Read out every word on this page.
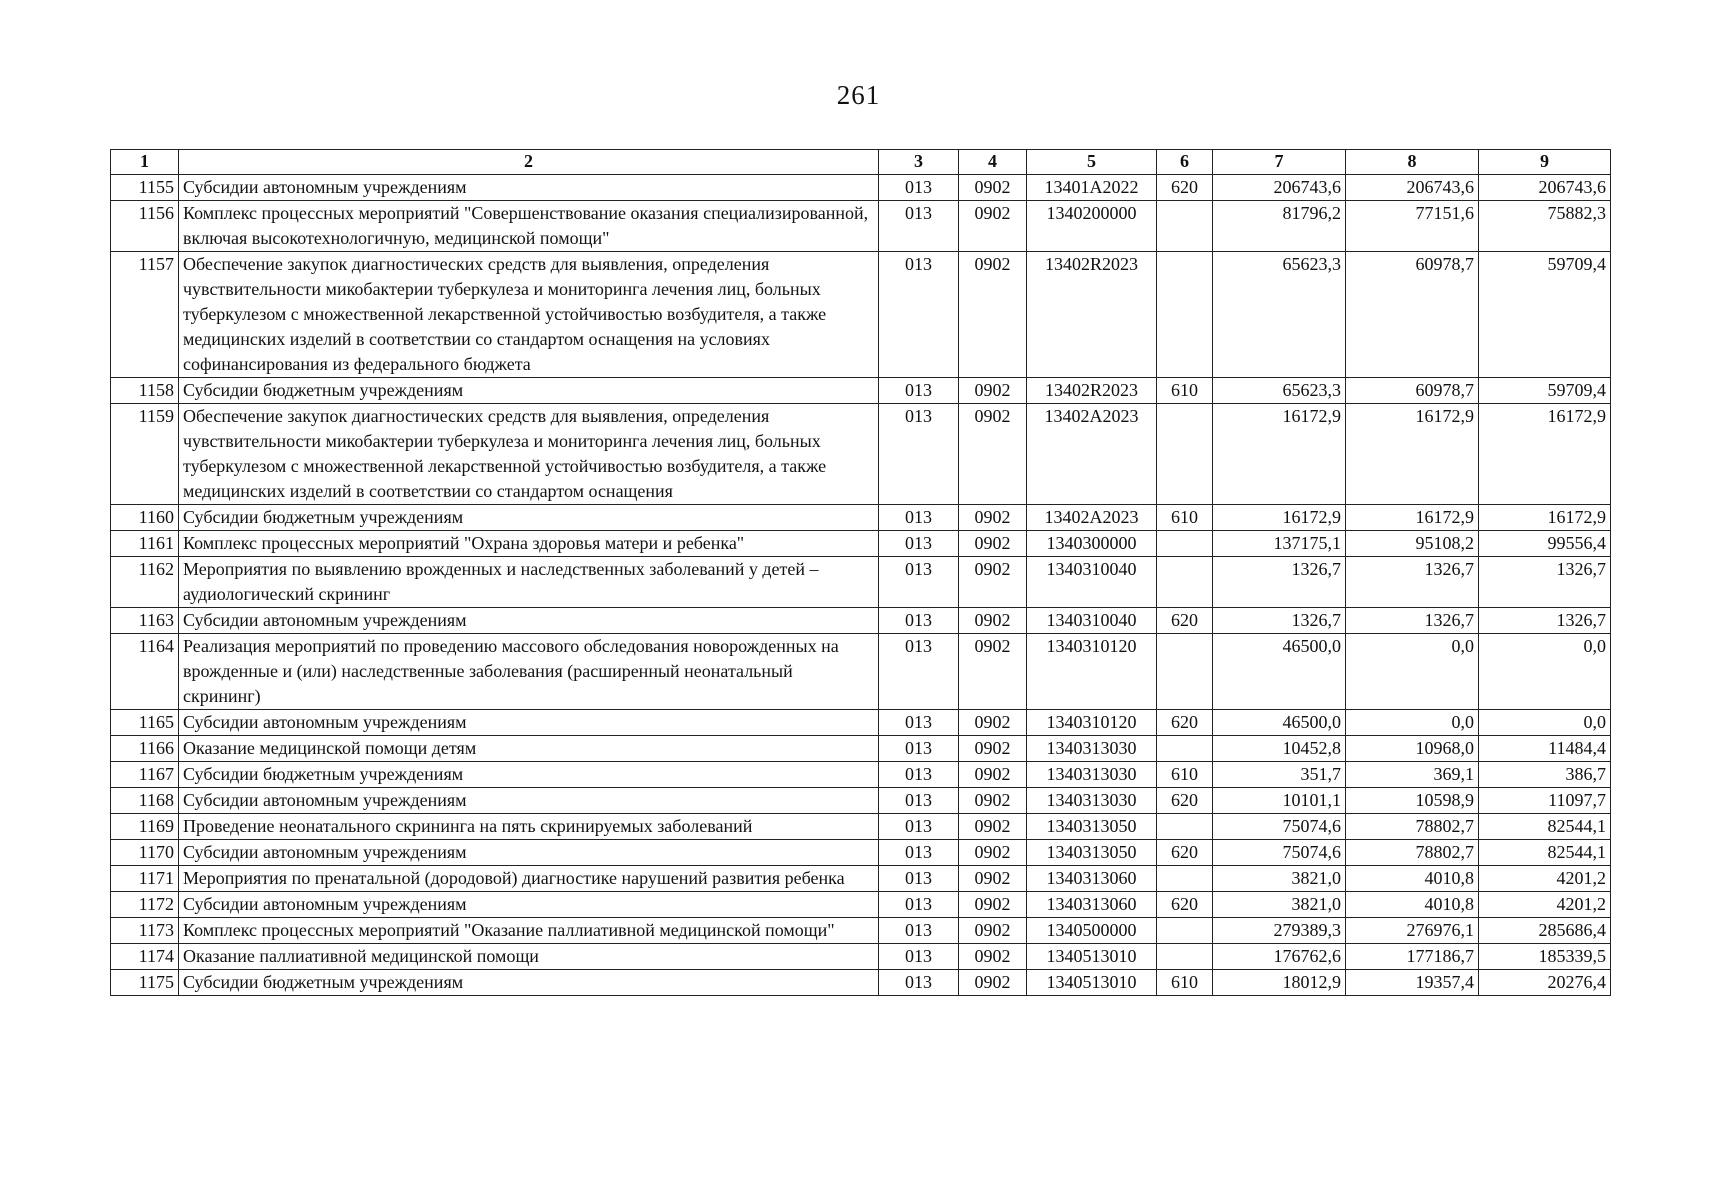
261
1	2	3	4	5	6	7	8	9
1155	Субсидии автономным учреждениям	013	0902	13401A2022	620	206743,6	206743,6	206743,6
1156	Комплекс процессных мероприятий "Совершенствование оказания специализированной, включая высокотехнологичную, медицинской помощи"	013	0902	1340200000		81796,2	77151,6	75882,3
1157	Обеспечение закупок диагностических средств для выявления, определения чувствительности микобактерии туберкулеза и мониторинга лечения лиц, больных туберкулезом с множественной лекарственной устойчивостью возбудителя, а также медицинских изделий в соответствии со стандартом оснащения на условиях софинансирования из федерального бюджета	013	0902	13402R2023		65623,3	60978,7	59709,4
1158	Субсидии бюджетным учреждениям	013	0902	13402R2023	610	65623,3	60978,7	59709,4
1159	Обеспечение закупок диагностических средств для выявления, определения чувствительности микобактерии туберкулеза и мониторинга лечения лиц, больных туберкулезом с множественной лекарственной устойчивостью возбудителя, а также медицинских изделий в соответствии со стандартом оснащения	013	0902	13402A2023		16172,9	16172,9	16172,9
1160	Субсидии бюджетным учреждениям	013	0902	13402A2023	610	16172,9	16172,9	16172,9
1161	Комплекс процессных мероприятий "Охрана здоровья матери и ребенка"	013	0902	1340300000		137175,1	95108,2	99556,4
1162	Мероприятия по выявлению врожденных и наследственных заболеваний у детей – аудиологический скрининг	013	0902	1340310040		1326,7	1326,7	1326,7
1163	Субсидии автономным учреждениям	013	0902	1340310040	620	1326,7	1326,7	1326,7
1164	Реализация мероприятий по проведению массового обследования новорожденных на врожденные и (или) наследственные заболевания (расширенный неонатальный скрининг)	013	0902	1340310120		46500,0	0,0	0,0
1165	Субсидии автономным учреждениям	013	0902	1340310120	620	46500,0	0,0	0,0
1166	Оказание медицинской помощи детям	013	0902	1340313030		10452,8	10968,0	11484,4
1167	Субсидии бюджетным учреждениям	013	0902	1340313030	610	351,7	369,1	386,7
1168	Субсидии автономным учреждениям	013	0902	1340313030	620	10101,1	10598,9	11097,7
1169	Проведение неонатального скрининга на пять скринируемых заболеваний	013	0902	1340313050		75074,6	78802,7	82544,1
1170	Субсидии автономным учреждениям	013	0902	1340313050	620	75074,6	78802,7	82544,1
1171	Мероприятия по пренатальной (дородовой) диагностике нарушений развития ребенка	013	0902	1340313060		3821,0	4010,8	4201,2
1172	Субсидии автономным учреждениям	013	0902	1340313060	620	3821,0	4010,8	4201,2
1173	Комплекс процессных мероприятий "Оказание паллиативной медицинской помощи"	013	0902	1340500000		279389,3	276976,1	285686,4
1174	Оказание паллиативной медицинской помощи	013	0902	1340513010		176762,6	177186,7	185339,5
1175	Субсидии бюджетным учреждениям	013	0902	1340513010	610	18012,9	19357,4	20276,4
